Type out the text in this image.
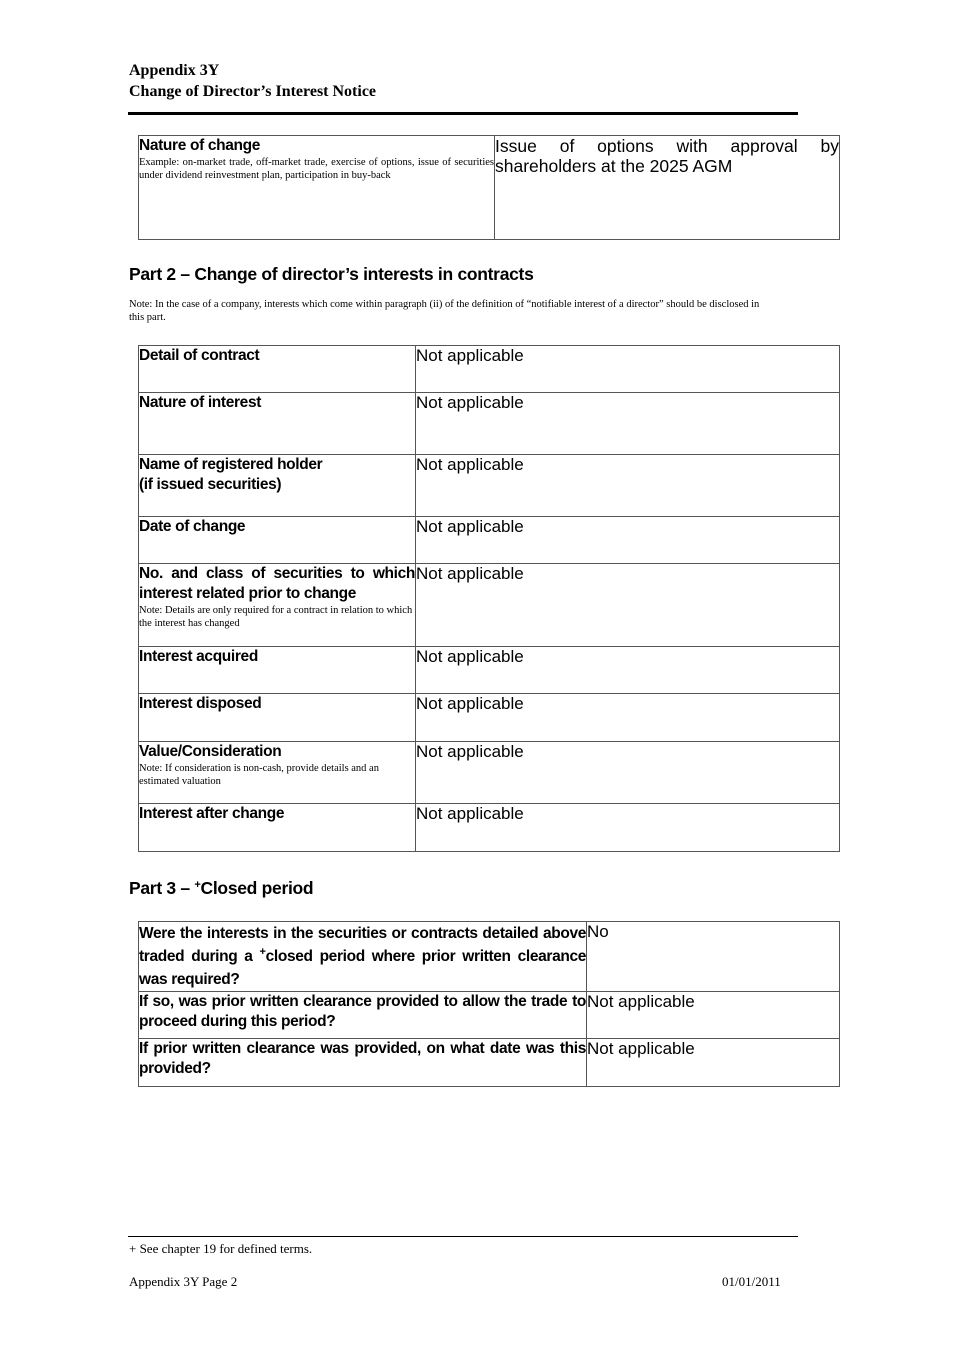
Appendix 3Y
Change of Director’s Interest Notice
Nature of change
Example: on-market trade, off-market trade, exercise of options, issue of securities under dividend reinvestment plan, participation in buy-back

Issue of options with approval by shareholders at the 2025 AGM
Part 2 – Change of director’s interests in contracts
Note: In the case of a company, interests which come within paragraph (ii) of the definition of “notifiable interest of a director” should be disclosed in this part.
Detail of contract	Not applicable

Nature of interest	Not applicable

Name of registered holder
(if issued securities)	Not applicable

Date of change	Not applicable

No. and class of securities to which interest related prior to change
Note: Details are only required for a contract in relation to which the interest has changed	Not applicable

Interest acquired	Not applicable

Interest disposed	Not applicable

Value/Consideration
Note: If consideration is non-cash, provide details and an estimated valuation	Not applicable

Interest after change	Not applicable
Part 3 – +Closed period
Were the interests in the securities or contracts detailed above traded during a +closed period where prior written clearance was required?	No

If so, was prior written clearance provided to allow the trade to proceed during this period?	Not applicable

If prior written clearance was provided, on what date was this provided?	Not applicable
+ See chapter 19 for defined terms.
Appendix 3Y Page 2	01/01/2011
